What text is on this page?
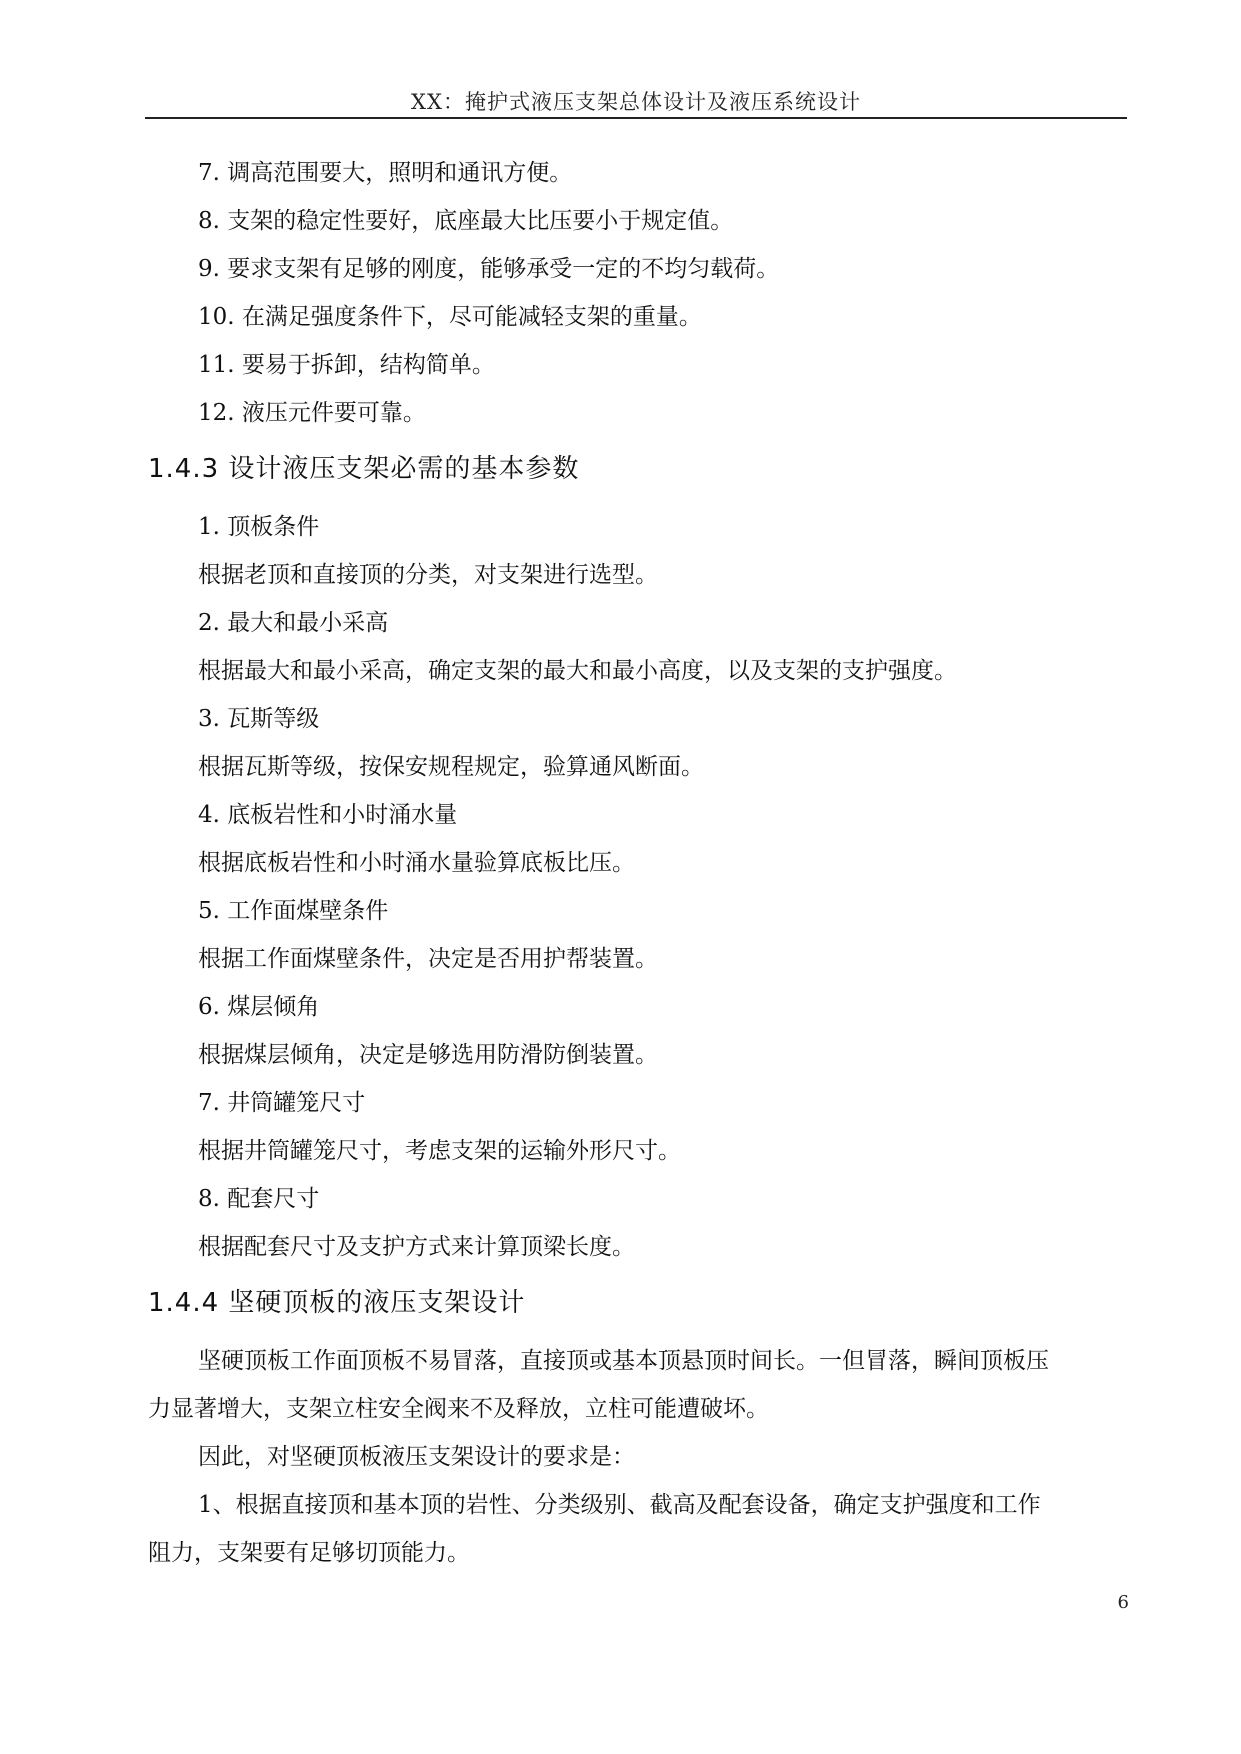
XX：掩护式液压支架总体设计及液压系统设计
7. 调高范围要大，照明和通讯方便。
8. 支架的稳定性要好，底座最大比压要小于规定值。
9. 要求支架有足够的刚度，能够承受一定的不均匀载荷。
10. 在满足强度条件下，尽可能减轻支架的重量。
11. 要易于拆卸，结构简单。
12. 液压元件要可靠。
1.4.3 设计液压支架必需的基本参数
1. 顶板条件
根据老顶和直接顶的分类，对支架进行选型。
2. 最大和最小采高
根据最大和最小采高，确定支架的最大和最小高度，以及支架的支护强度。
3. 瓦斯等级
根据瓦斯等级，按保安规程规定，验算通风断面。
4. 底板岩性和小时涌水量
根据底板岩性和小时涌水量验算底板比压。
5. 工作面煤壁条件
根据工作面煤壁条件，决定是否用护帮装置。
6. 煤层倾角
根据煤层倾角，决定是够选用防滑防倒装置。
7. 井筒罐笼尺寸
根据井筒罐笼尺寸，考虑支架的运输外形尺寸。
8. 配套尺寸
根据配套尺寸及支护方式来计算顶梁长度。
1.4.4 坚硬顶板的液压支架设计
坚硬顶板工作面顶板不易冒落，直接顶或基本顶悬顶时间长。一但冒落，瞬间顶板压
力显著增大，支架立柱安全阀来不及释放，立柱可能遭破坏。
因此，对坚硬顶板液压支架设计的要求是：
1、根据直接顶和基本顶的岩性、分类级别、截高及配套设备，确定支护强度和工作
阻力，支架要有足够切顶能力。
6
